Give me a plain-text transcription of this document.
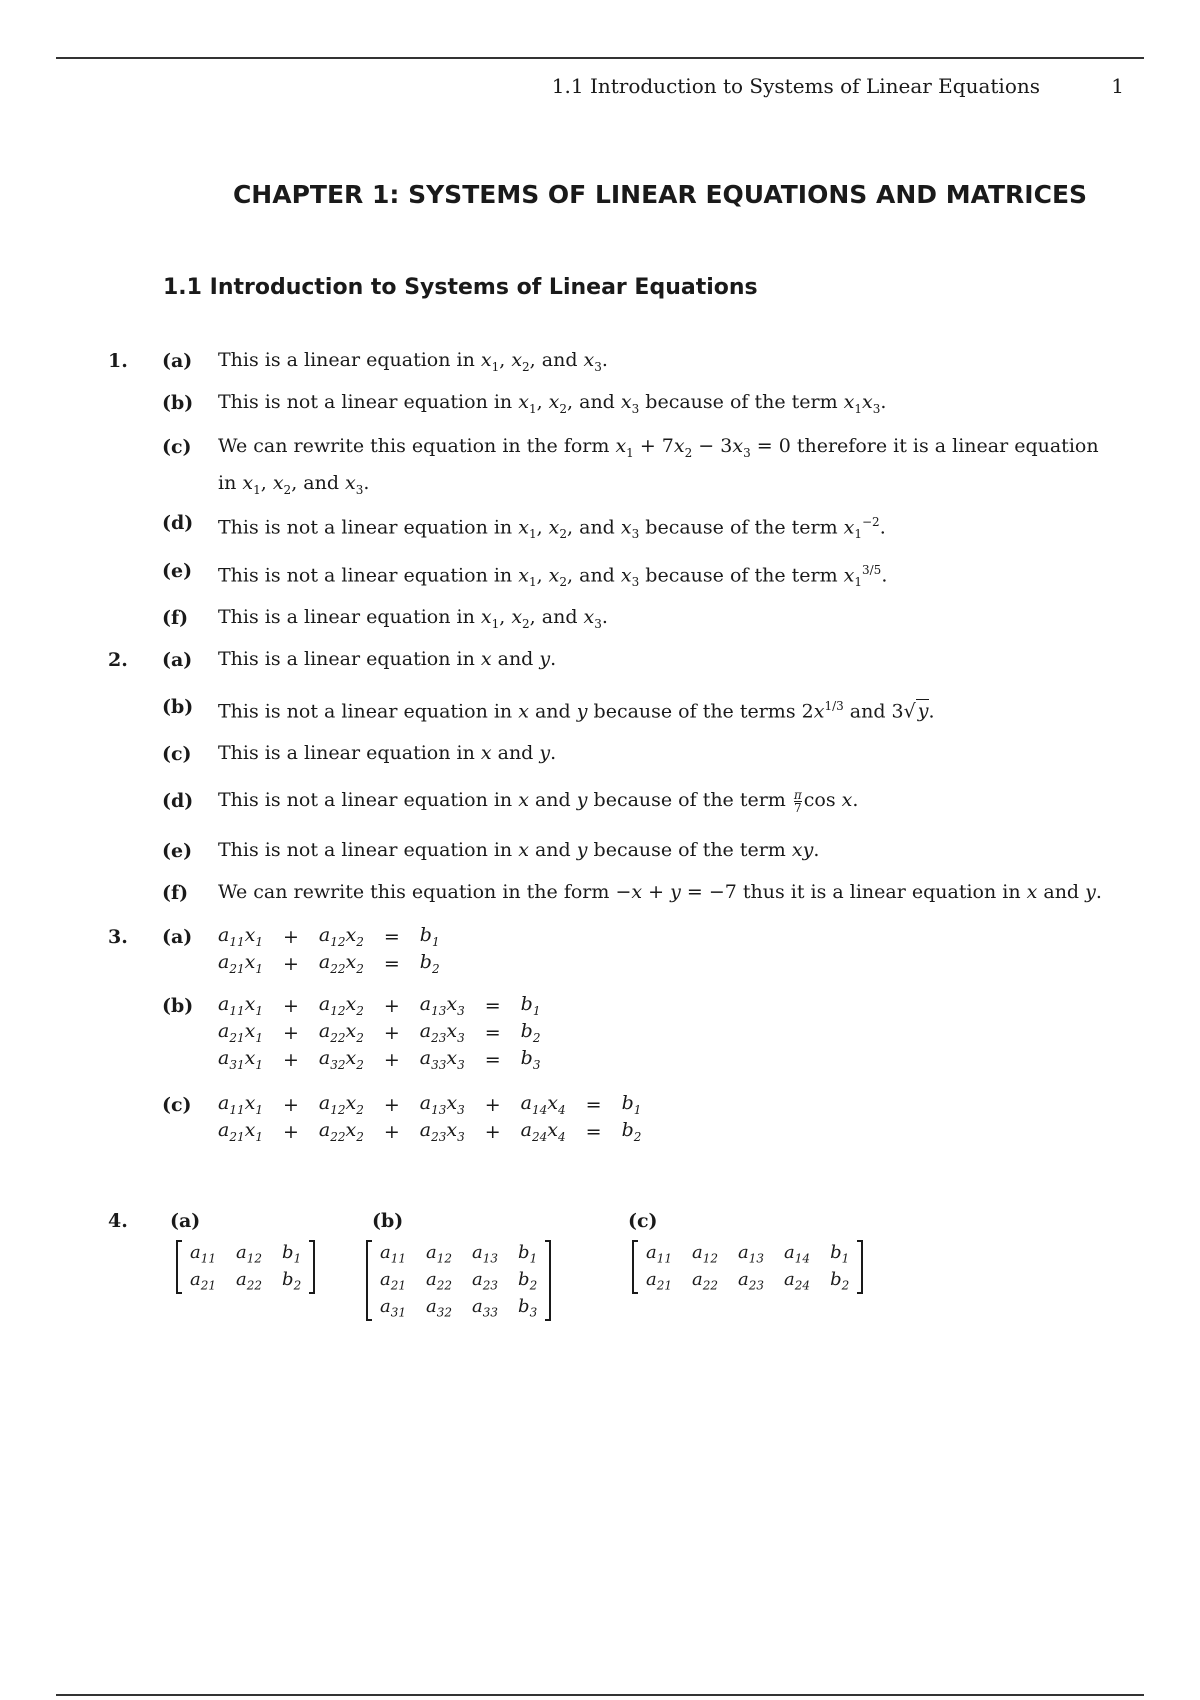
1.1 Introduction to Systems of Linear Equations	1
CHAPTER 1: SYSTEMS OF LINEAR EQUATIONS AND MATRICES
1.1 Introduction to Systems of Linear Equations
1. (a) This is a linear equation in $x_1$, $x_2$, and $x_3$.
(b) This is not a linear equation in $x_1$, $x_2$, and $x_3$ because of the term $x_1x_3$.
(c) We can rewrite this equation in the form $x_1 + 7x_2 - 3x_3 = 0$ therefore it is a linear equation in $x_1$, $x_2$, and $x_3$.
(d) This is not a linear equation in $x_1$, $x_2$, and $x_3$ because of the term $x_1^{-2}$.
(e) This is not a linear equation in $x_1$, $x_2$, and $x_3$ because of the term $x_1^{3/5}$.
(f) This is a linear equation in $x_1$, $x_2$, and $x_3$.
2. (a) This is a linear equation in x and y.
(b) This is not a linear equation in x and y because of the terms $2x^{1/3}$ and 3√ y.
(c) This is a linear equation in x and y.
(d) This is not a linear equation in x and y because of the term $\frac{\pi}{7}$ cos x.
(e) This is not a linear equation in x and y because of the term xy.
(f) We can rewrite this equation in the form −x + y = −7 thus it is a linear equation in x and y.
3. (a) $a_{11}x_1$	+	$a_{12}x_2$	=	$b_1$
$a_{21}x_1$	+	$a_{22}x_2$	=	$b_2$
(b) $a_{11}x_1$	+	$a_{12}x_2$	+	$a_{13}x_3$	=	$b_1$
$a_{21}x_1$	+	$a_{22}x_2$	+	$a_{23}x_3$	=	$b_2$
$a_{31}x_1$	+	$a_{32}x_2$	+	$a_{33}x_3$	=	$b_3$
(c) $a_{11}x_1$	+	$a_{12}x_2$	+	$a_{13}x_3$	+	$a_{14}x_4$	=	$b_1$
$a_{21}x_1$	+	$a_{22}x_2$	+	$a_{23}x_3$	+	$a_{24}x_4$	=	$b_2$
4. (a)
$a_{11}$	$a_{12}$	$b_1$
$a_{21}$	$a_{22}$	$b_2$
(b)
$a_{11}$	$a_{12}$	$a_{13}$	$b_1$
$a_{21}$	$a_{22}$	$a_{23}$	$b_2$
$a_{31}$	$a_{32}$	$a_{33}$	$b_3$
(c)
$a_{11}$	$a_{12}$	$a_{13}$	$a_{14}$	$b_1$
$a_{21}$	$a_{22}$	$a_{23}$	$a_{24}$	$b_2$
